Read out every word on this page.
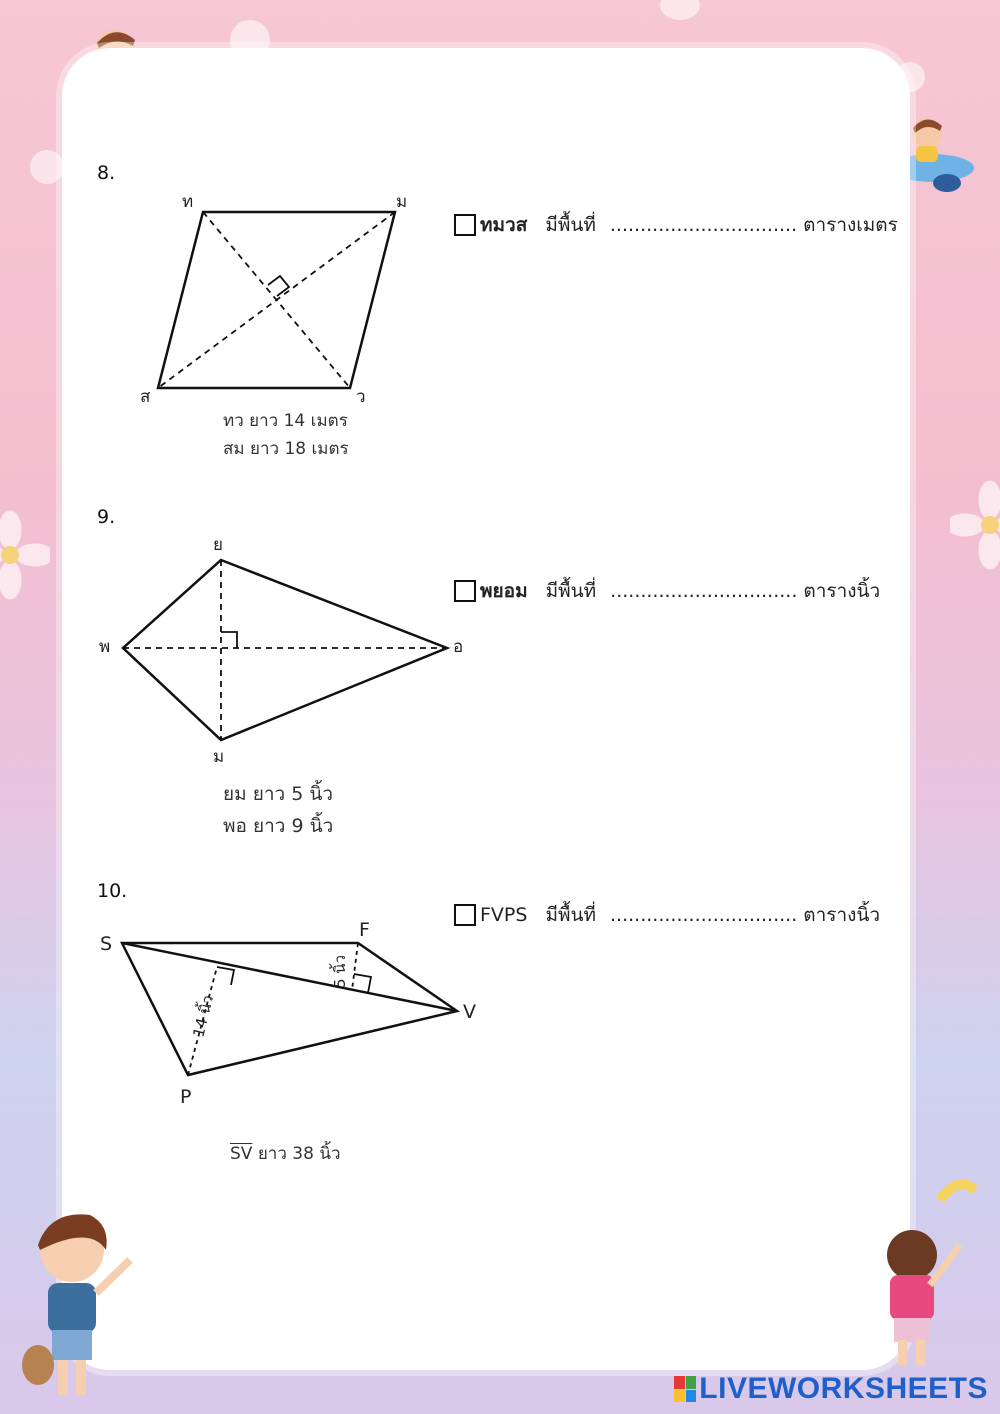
8.
ท	ม
ส	ว
ทว ยาว 14 เมตร
สม ยาว 18 เมตร
ทมวส มีพื้นที่ ............................... ตารางเมตร
9.
ย
พ	อ
ม
ยม ยาว 5 นิ้ว
พอ ยาว 9 นิ้ว
พยอม มีพื้นที่ ............................... ตารางนิ้ว
10.
5 นิ้ว
14 นิ้ว
S
F
V
P
$\overline{SV}$ ยาว 38 นิ้ว
FVPS มีพื้นที่ ............................... ตารางนิ้ว
LIVEWORKSHEETS
